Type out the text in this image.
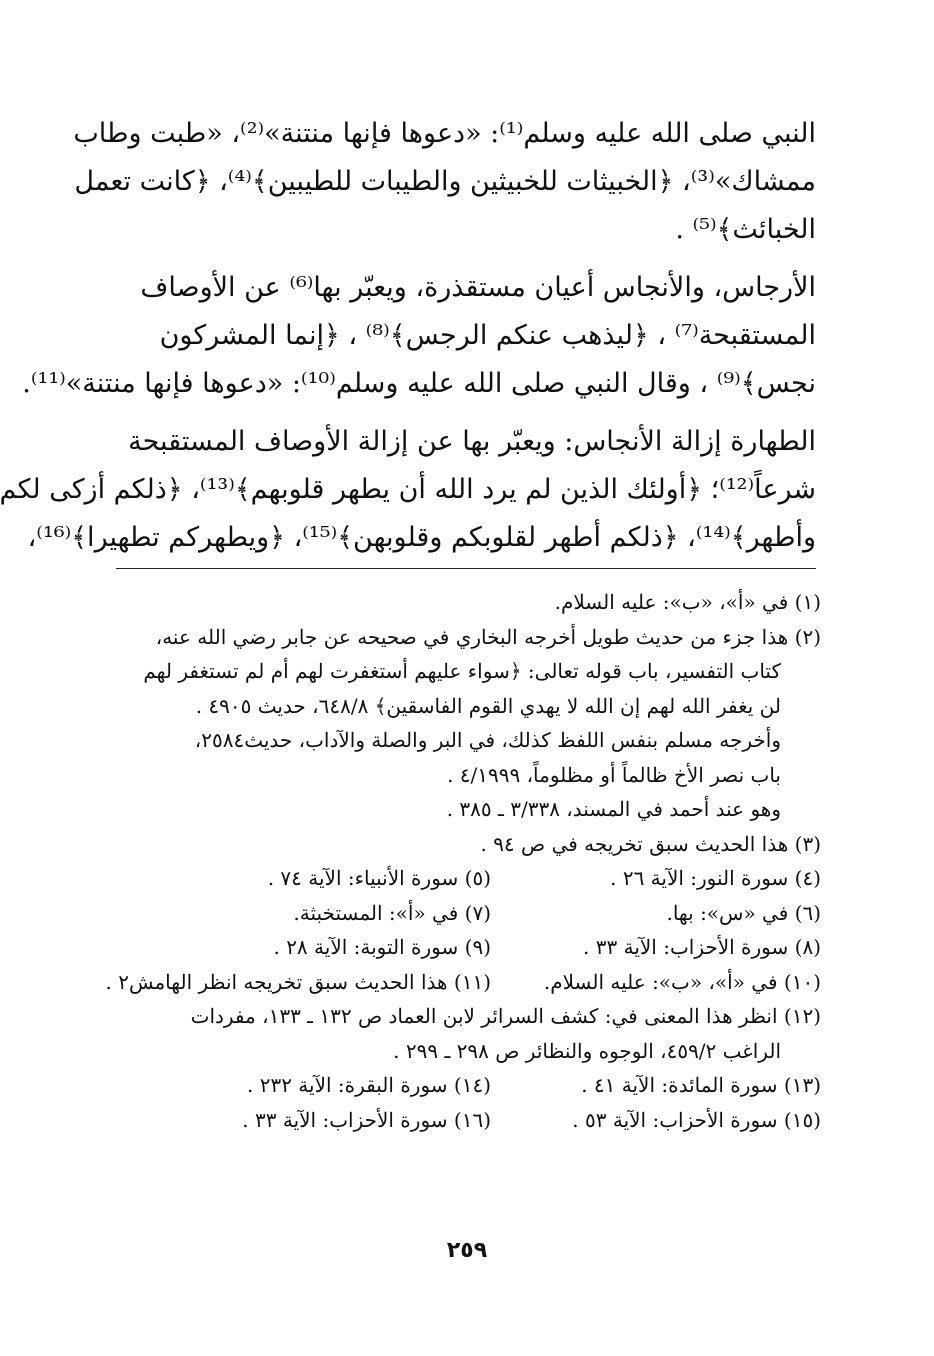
النبي صلى الله عليه وسلم⁽¹⁾: «دعوها فإنها منتنة»⁽²⁾، «طبت وطاب
ممشاك»⁽³⁾، ﴿الخبيثات للخبيثين والطيبات للطيبين﴾⁽⁴⁾، ﴿كانت تعمل
الخبائث﴾⁽⁵⁾ .

الأرجاس، والأنجاس أعيان مستقذرة، ويعبّر بها⁽⁶⁾ عن الأوصاف
المستقبحة⁽⁷⁾ ، ﴿ليذهب عنكم الرجس﴾⁽⁸⁾ ، ﴿إنما المشركون
نجس﴾⁽⁹⁾ ، وقال النبي صلى الله عليه وسلم⁽¹⁰⁾: «دعوها فإنها منتنة»⁽¹¹⁾.

الطهارة إزالة الأنجاس: ويعبّر بها عن إزالة الأوصاف المستقبحة
شرعاً⁽¹²⁾؛ ﴿أولئك الذين لم يرد الله أن يطهر قلوبهم﴾⁽¹³⁾، ﴿ذلكم أزكى لكم
وأطهر﴾⁽¹⁴⁾، ﴿ذلكم أطهر لقلوبكم وقلوبهن﴾⁽¹⁵⁾، ﴿ويطهركم تطهيرا﴾⁽¹⁶⁾،

(١) في «أ»، «ب»: عليه السلام.
(٢) هذا جزء من حديث طويل أخرجه البخاري في صحيحه عن جابر رضي الله عنه،
كتاب التفسير، باب قوله تعالى: ﴿سواء عليهم أستغفرت لهم أم لم تستغفر لهم
لن يغفر الله لهم إن الله لا يهدي القوم الفاسقين﴾ ٦٤٨/٨، حديث ٤٩٠٥ .
وأخرجه مسلم بنفس اللفظ كذلك، في البر والصلة والآداب، حديث٢٥٨٤،
باب نصر الأخ ظالماً أو مظلوماً، ٤/١٩٩٩ .
وهو عند أحمد في المسند، ٣/٣٣٨ ـ ٣٨٥ .
(٣) هذا الحديث سبق تخريجه في ص ٩٤ .
(٤) سورة النور: الآية ٢٦ .
(٥) سورة الأنبياء: الآية ٧٤ .
(٦) في «س»: بها.
(٧) في «أ»: المستخبثة.
(٨) سورة الأحزاب: الآية ٣٣ .
(٩) سورة التوبة: الآية ٢٨ .
(١٠) في «أ»، «ب»: عليه السلام.
(١١) هذا الحديث سبق تخريجه انظر الهامش٢ .
(١٢) انظر هذا المعنى في: كشف السرائر لابن العماد ص ١٣٢ ـ ١٣٣، مفردات
الراغب ٤٥٩/٢، الوجوه والنظائر ص ٢٩٨ ـ ٢٩٩ .
(١٣) سورة المائدة: الآية ٤١ .
(١٤) سورة البقرة: الآية ٢٣٢ .
(١٥) سورة الأحزاب: الآية ٥٣ .
(١٦) سورة الأحزاب: الآية ٣٣ .
٢٥٩
